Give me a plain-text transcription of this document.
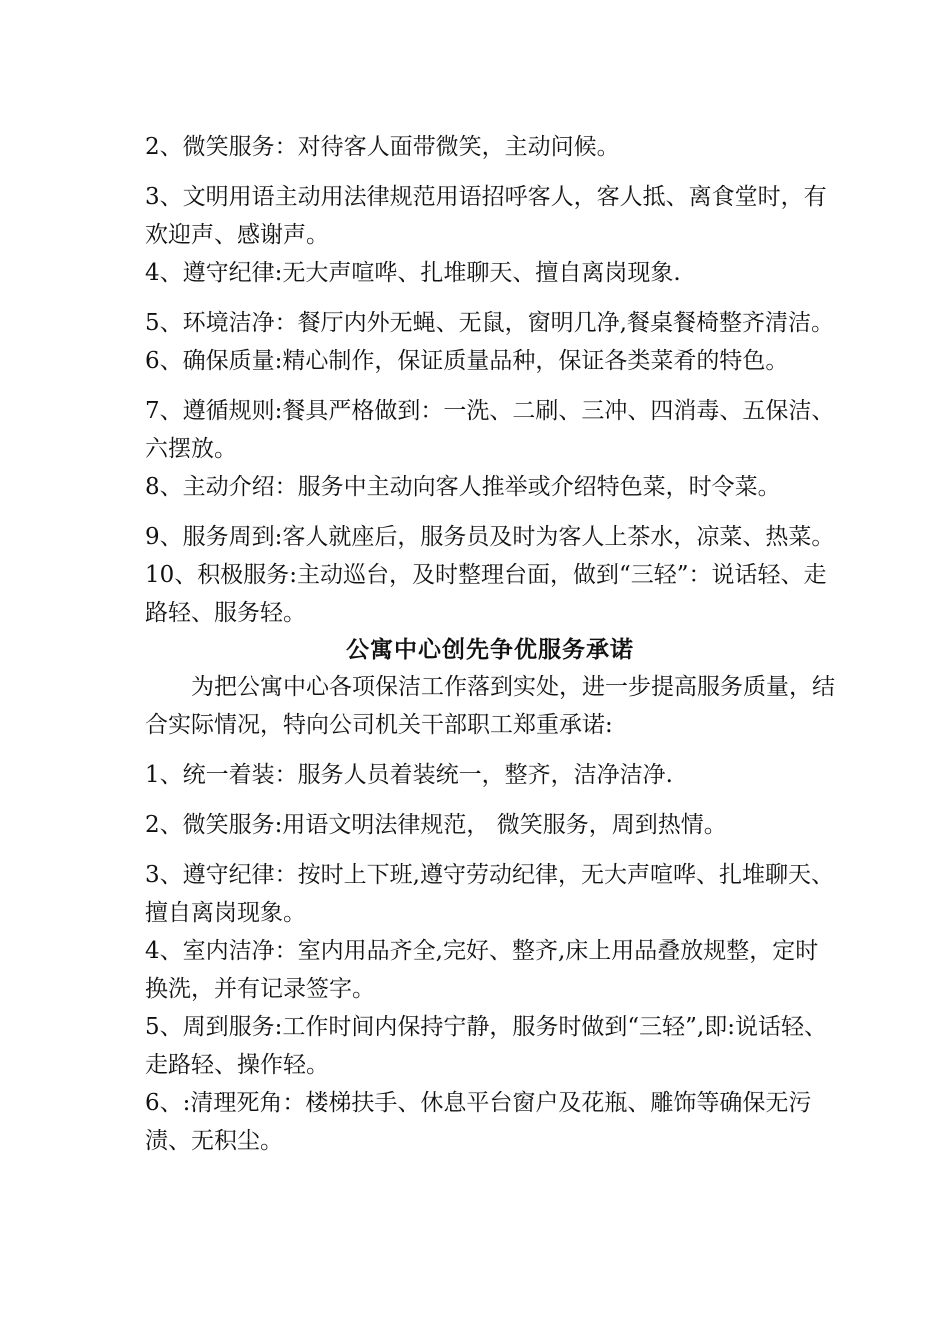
2、微笑服务：对待客人面带微笑，主动问候。

3、文明用语主动用法律规范用语招呼客人，客人抵、离食堂时，有欢迎声、感谢声。

4、遵守纪律:无大声喧哗、扎堆聊天、擅自离岗现象.

5、环境洁净：餐厅内外无蝇、无鼠，窗明几净,餐桌餐椅整齐清洁。

6、确保质量:精心制作，保证质量品种，保证各类菜肴的特色。

7、遵循规则:餐具严格做到：一洗、二刷、三冲、四消毒、五保洁、六摆放。

8、主动介绍：服务中主动向客人推举或介绍特色菜，时令菜。

9、服务周到:客人就座后，服务员及时为客人上茶水，凉菜、热菜。

10、积极服务:主动巡台，及时整理台面，做到“三轻”：说话轻、走路轻、服务轻。

公寓中心创先争优服务承诺

为把公寓中心各项保洁工作落到实处，进一步提高服务质量，结合实际情况，特向公司机关干部职工郑重承诺:

1、统一着装：服务人员着装统一，整齐，洁净洁净.

2、微笑服务:用语文明法律规范， 微笑服务，周到热情。

3、遵守纪律：按时上下班,遵守劳动纪律，无大声喧哗、扎堆聊天、擅自离岗现象。

4、室内洁净：室内用品齐全,完好、整齐,床上用品叠放规整，定时换洗，并有记录签字。

5、周到服务:工作时间内保持宁静，服务时做到“三轻”,即:说话轻、走路轻、操作轻。

6、:清理死角：楼梯扶手、休息平台窗户及花瓶、雕饰等确保无污渍、无积尘。
